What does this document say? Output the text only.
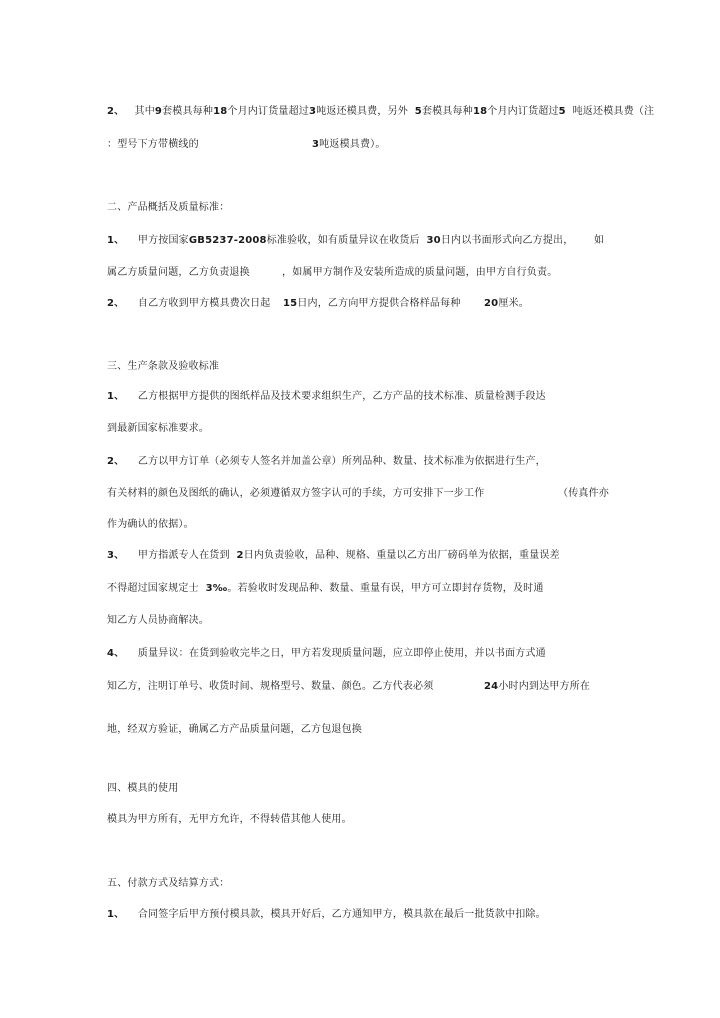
2、 其中9套模具每种18个月内订货量超过3吨返还模具费，另外 5套模具每种18个月内订货超过5 吨返还模具费（注
：型号下方带横线的	3吨返模具费）。
二、产品概括及质量标准：
1、 甲方按国家GB5237-2008标准验收，如有质量异议在收货后 30日内以书面形式向乙方提出， 如
属乙方质量问题，乙方负责退换	，如属甲方制作及安装所造成的质量问题，由甲方自行负责。
2、 自乙方收到甲方模具费次日起 15日内，乙方向甲方提供合格样品每种 20厘米。
三、生产条款及验收标准
1、 乙方根据甲方提供的图纸样品及技术要求组织生产，乙方产品的技术标准、质量检测手段达
到最新国家标准要求。
2、 乙方以甲方订单（必须专人签名并加盖公章）所列品种、数量、技术标准为依据进行生产，
有关材料的颜色及图纸的确认，必须遵循双方签字认可的手续，方可安排下一步工作	（传真件亦
作为确认的依据）。
3、 甲方指派专人在货到 2日内负责验收，品种、规格、重量以乙方出厂磅码单为依据，重量误差
不得超过国家规定士 3‰。若验收时发现品种、数量、重量有误，甲方可立即封存货物，及时通
知乙方人员协商解决。
4、 质量异议：在货到验收完毕之日，甲方若发现质量问题，应立即停止使用，并以书面方式通
知乙方，注明订单号、收货时间、规格型号、数量、颜色。乙方代表必须	24小时内到达甲方所在
地，经双方验证，确属乙方产品质量问题，乙方包退包换
四、模具的使用
模具为甲方所有，无甲方允许，不得转借其他人使用。
五、付款方式及结算方式：
1、 合同签字后甲方预付模具款，模具开好后，乙方通知甲方，模具款在最后一批货款中扣除。
